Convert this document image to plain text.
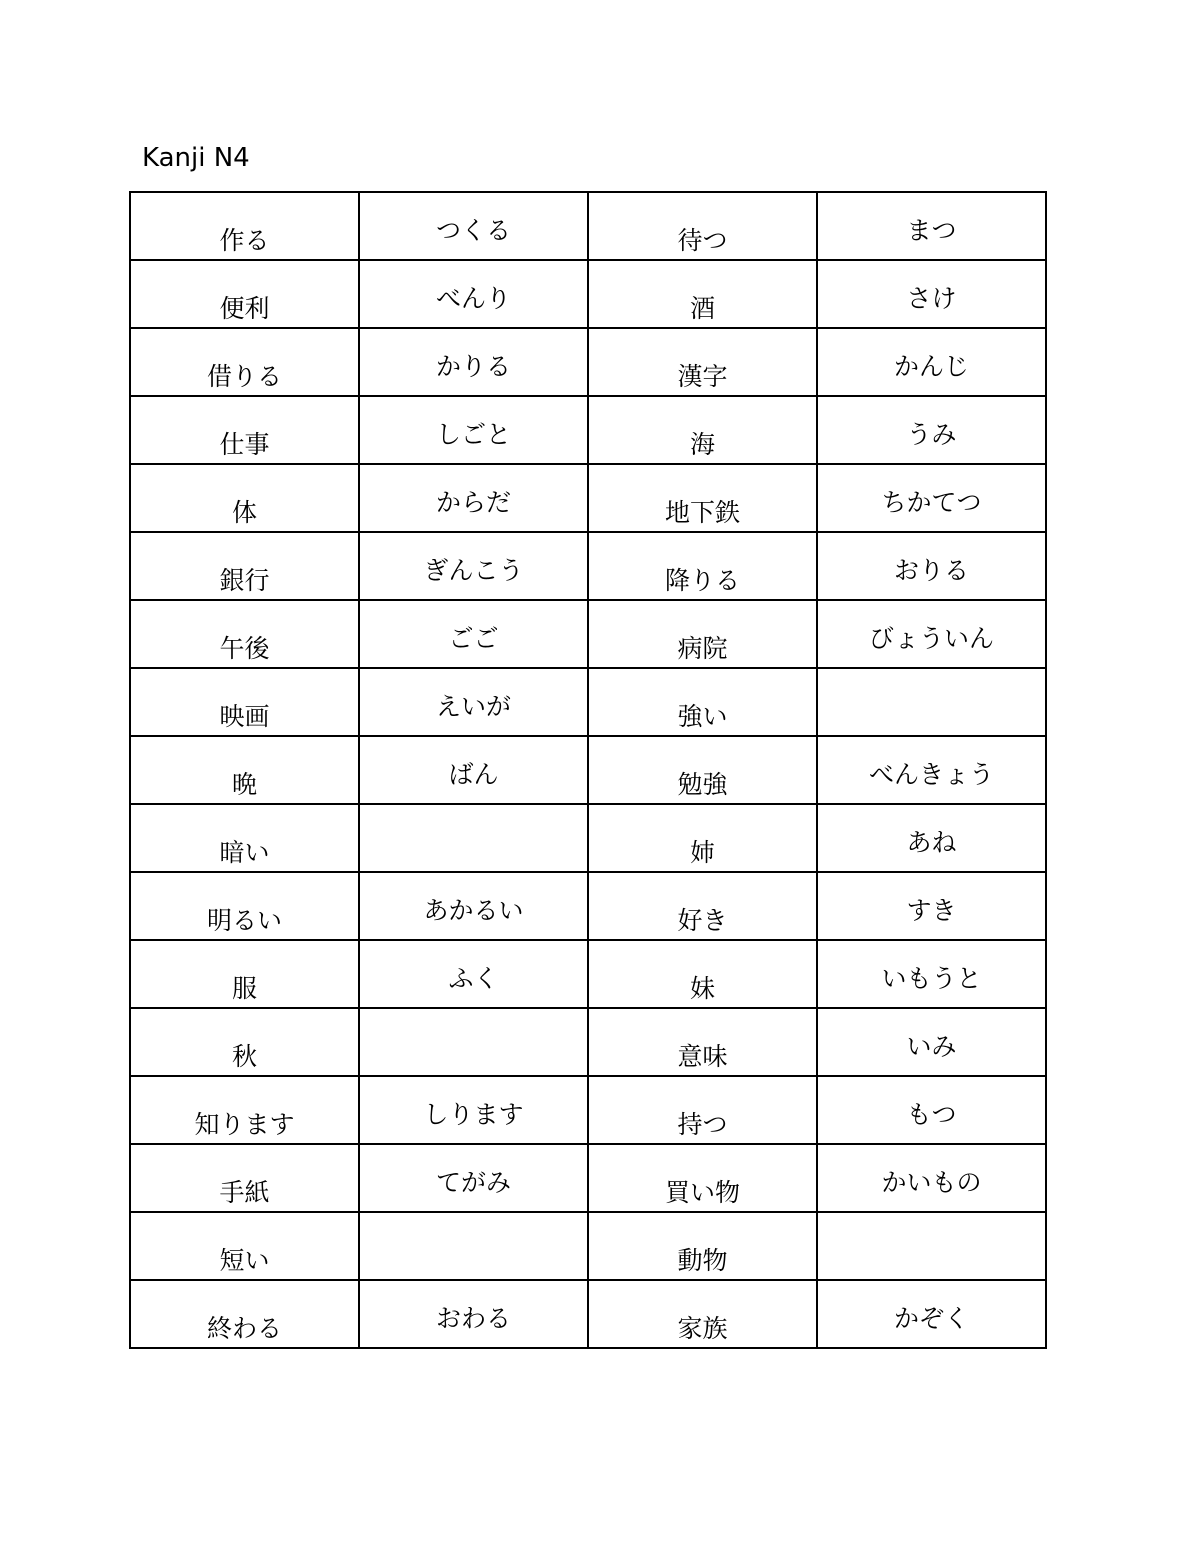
Kanji N4
作る	つくる	待つ	まつ
便利	べんり	酒	さけ
借りる	かりる	漢字	かんじ
仕事	しごと	海	うみ
体	からだ	地下鉄	ちかてつ
銀行	ぎんこう	降りる	おりる
午後	ごご	病院	びょういん
映画	えいが	強い	
晩	ばん	勉強	べんきょう
暗い		姉	あね
明るい	あかるい	好き	すき
服	ふく	妹	いもうと
秋		意味	いみ
知ります	しります	持つ	もつ
手紙	てがみ	買い物	かいもの
短い		動物	
終わる	おわる	家族	かぞく
